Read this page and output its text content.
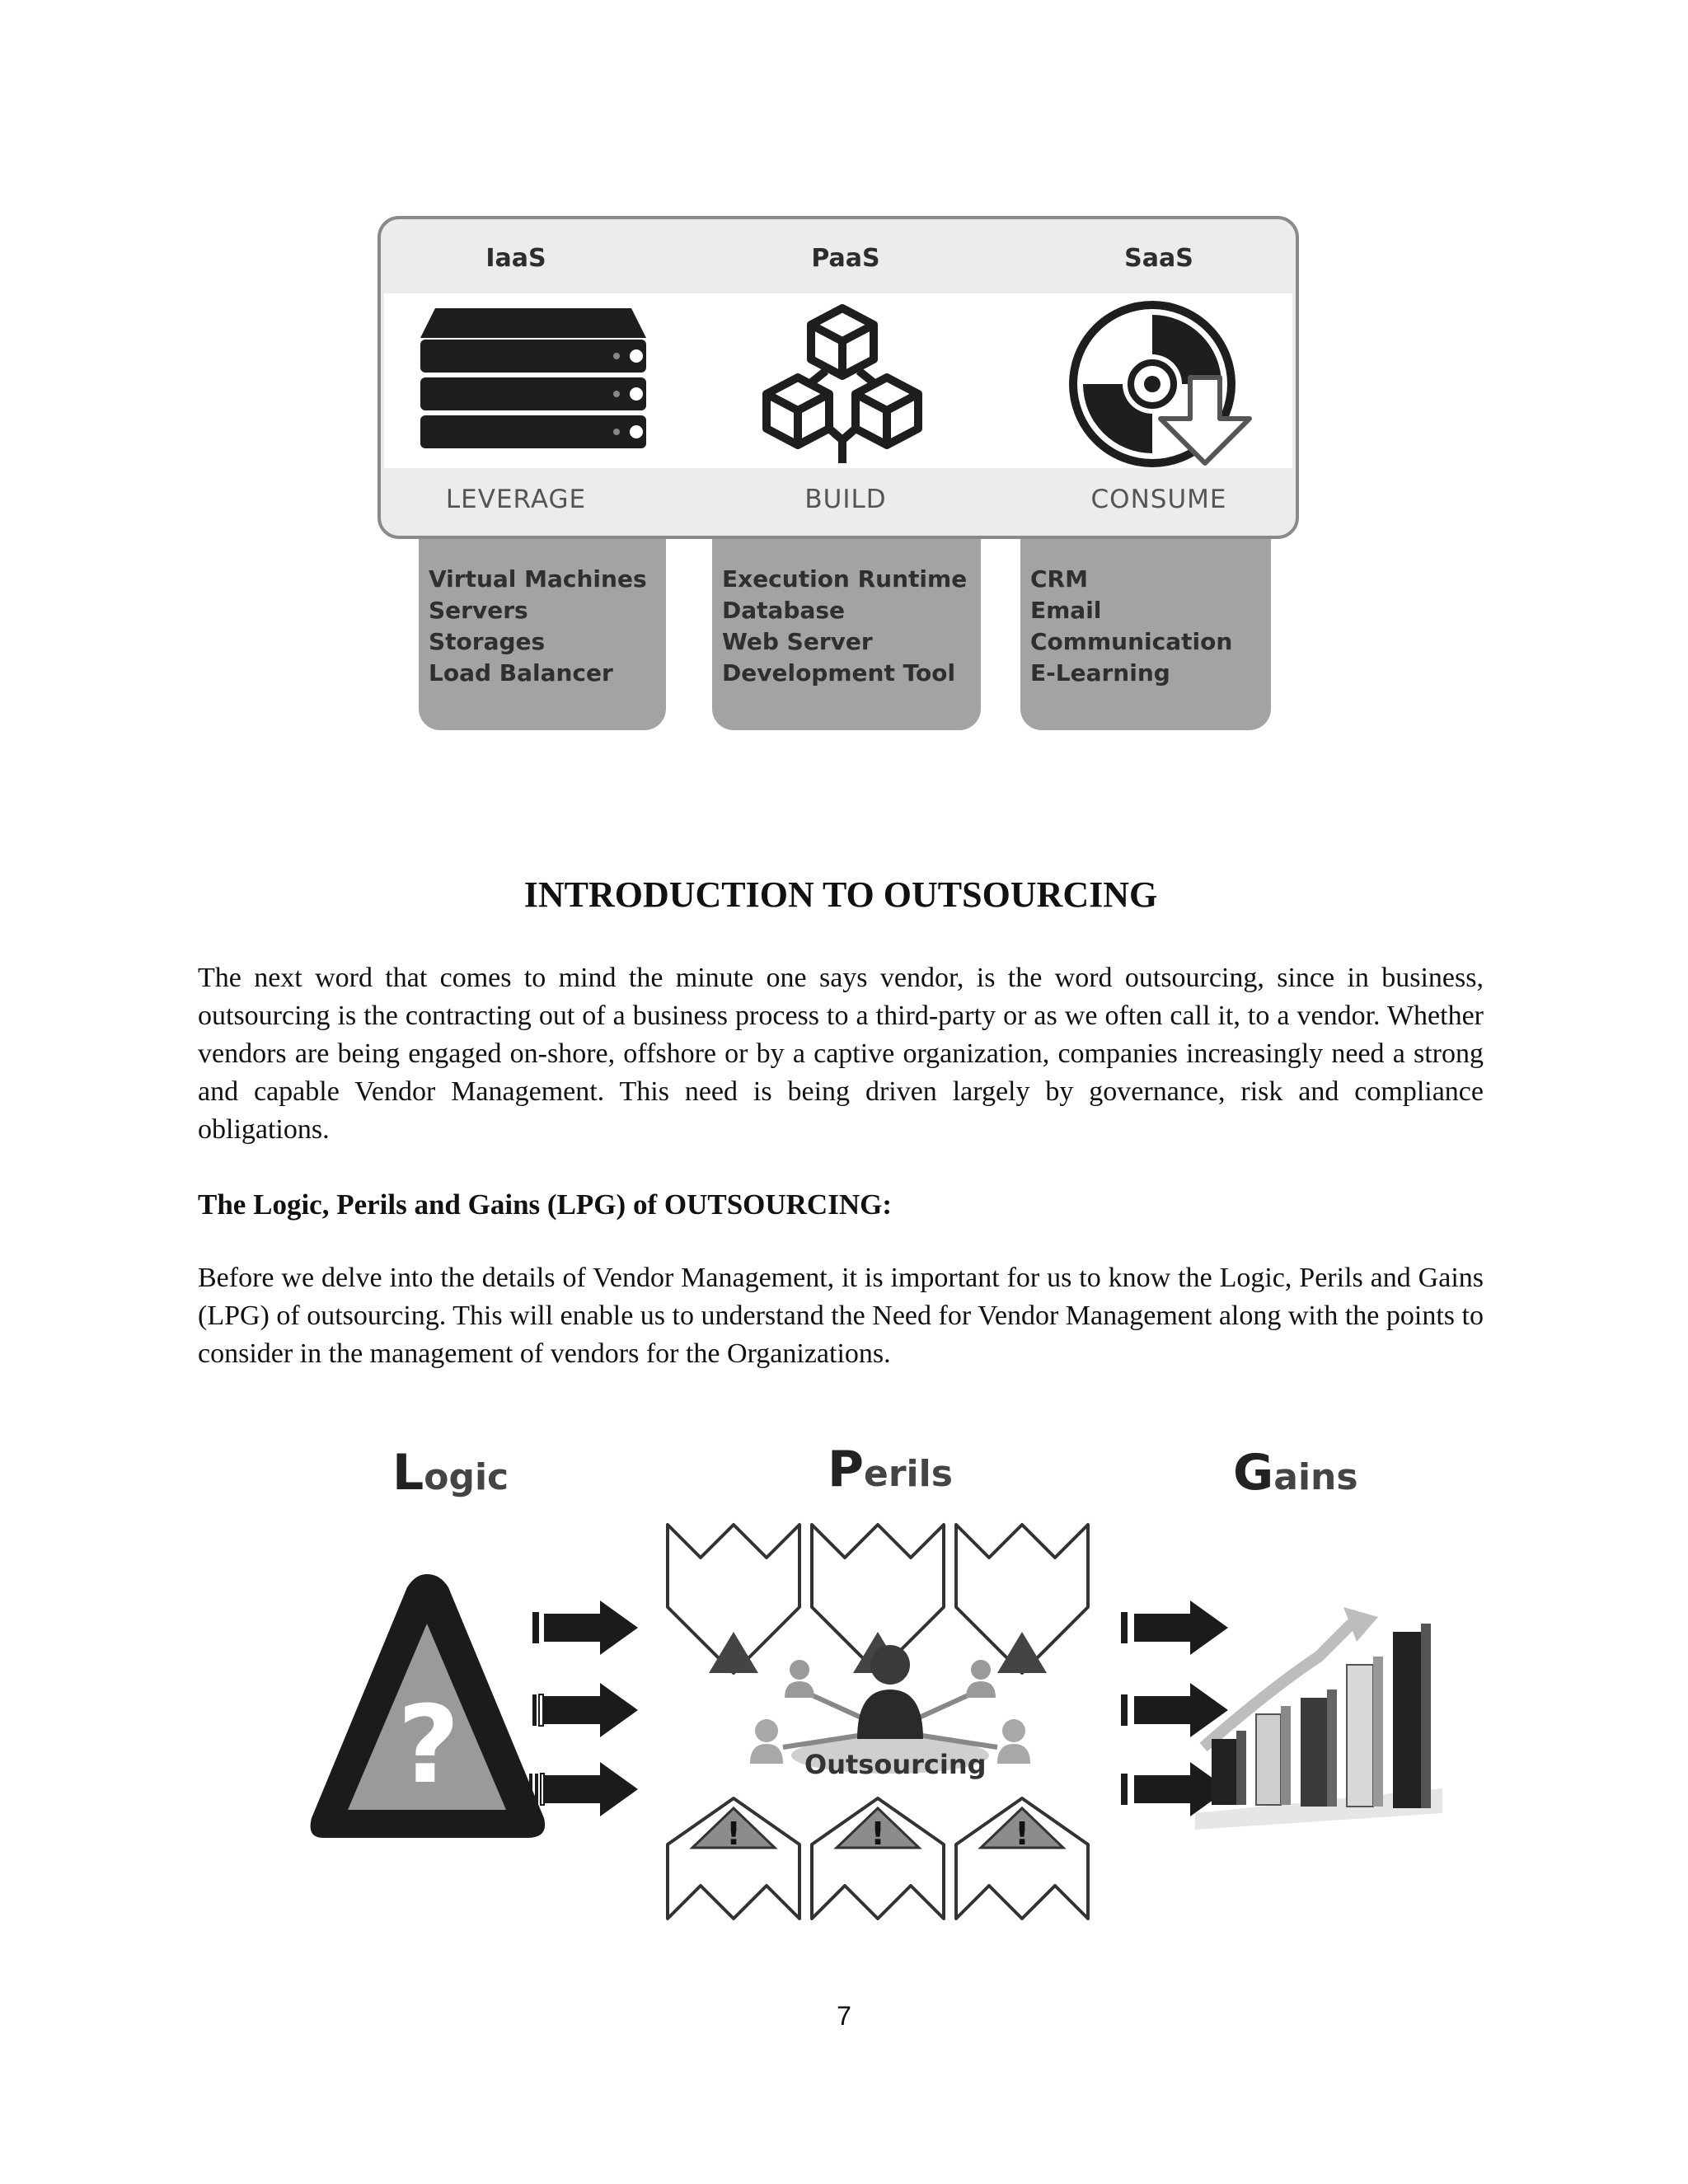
IaaS	PaaS	SaaS
LEVERAGE	BUILD	CONSUME
Virtual Machines
Servers
Storages
Load Balancer
Execution Runtime
Database
Web Server
Development Tool
CRM
Email
Communication
E-Learning
INTRODUCTION TO OUTSOURCING
The next word that comes to mind the minute one says vendor, is the word outsourcing, since in business, outsourcing is the contracting out of a business process to a third-party or as we often call it, to a vendor. Whether vendors are being engaged on-shore, offshore or by a captive organization, companies increasingly need a strong and capable Vendor Management. This need is being driven largely by governance, risk and compliance obligations.
The Logic, Perils and Gains (LPG) of OUTSOURCING:
Before we delve into the details of Vendor Management, it is important for us to know the Logic, Perils and Gains (LPG) of outsourcing. This will enable us to understand the Need for Vendor Management along with the points to consider in the management of vendors for the Organizations.
Logic	Perils	Gains
?	Outsourcing
!	!	!
7
